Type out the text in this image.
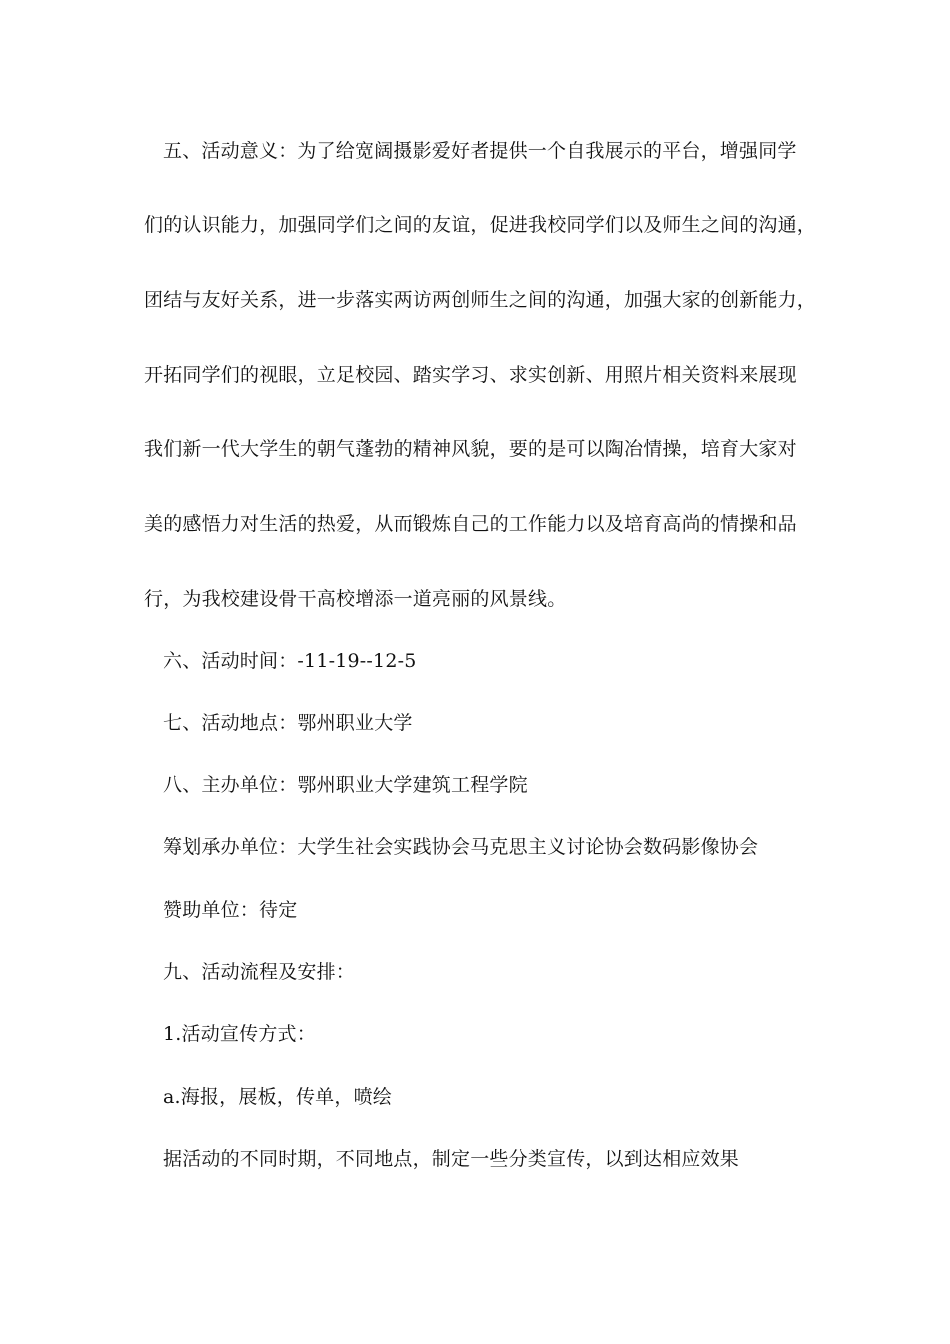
五、活动意义：为了给宽阔摄影爱好者提供一个自我展示的平台，增强同学
们的认识能力，加强同学们之间的友谊，促进我校同学们以及师生之间的沟通，
团结与友好关系，进一步落实两访两创师生之间的沟通，加强大家的创新能力，
开拓同学们的视眼，立足校园、踏实学习、求实创新、用照片相关资料来展现
我们新一代大学生的朝气蓬勃的精神风貌，要的是可以陶冶情操，培育大家对
美的感悟力对生活的热爱，从而锻炼自己的工作能力以及培育高尚的情操和品
行，为我校建设骨干高校增添一道亮丽的风景线。
六、活动时间：-11-19--12-5
七、活动地点：鄂州职业大学
八、主办单位：鄂州职业大学建筑工程学院
筹划承办单位：大学生社会实践协会马克思主义讨论协会数码影像协会
赞助单位：待定
九、活动流程及安排：
1.活动宣传方式：
a.海报，展板，传单，喷绘
据活动的不同时期，不同地点，制定一些分类宣传，以到达相应效果
